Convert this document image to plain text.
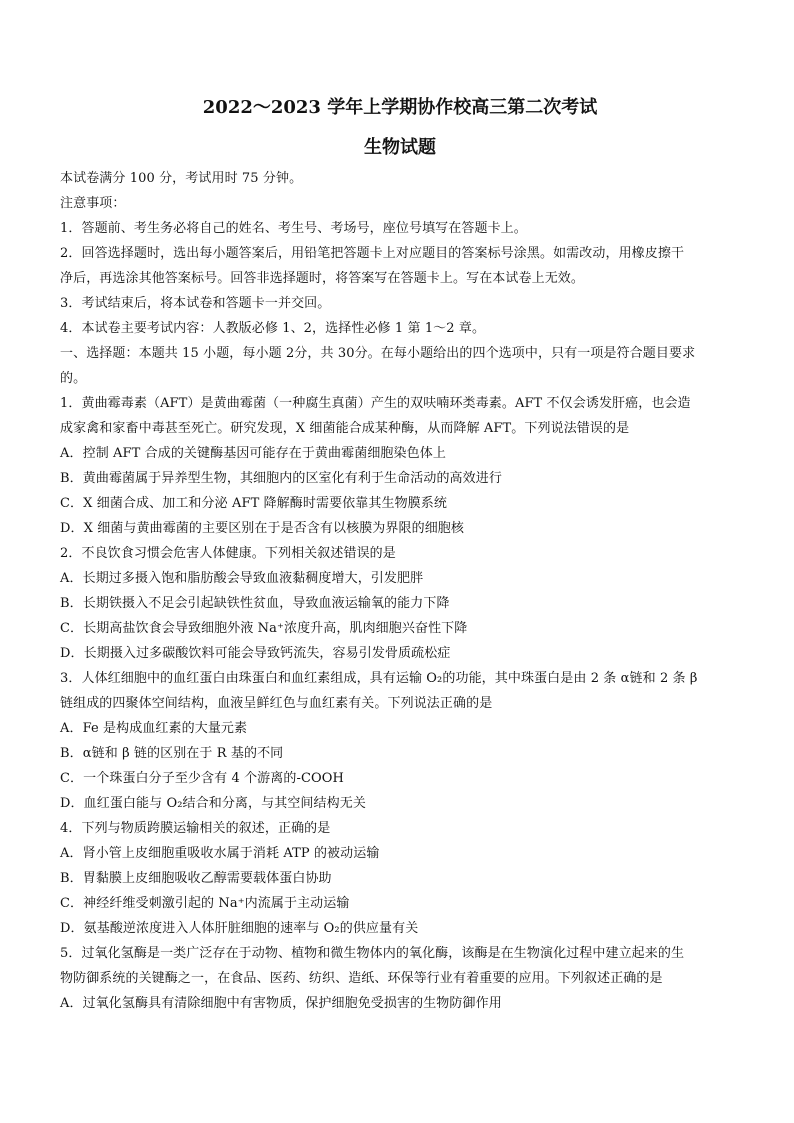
2022～2023 学年上学期协作校高三第二次考试
生物试题
本试卷满分 100 分，考试用时 75 分钟。
注意事项：
1．答题前、考生务必将自己的姓名、考生号、考场号，座位号填写在答题卡上。
2．回答选择题时，选出每小题答案后，用铅笔把答题卡上对应题目的答案标号涂黑。如需改动，用橡皮擦干
净后，再选涂其他答案标号。回答非选择题时，将答案写在答题卡上。写在本试卷上无效。
3．考试结束后，将本试卷和答题卡一并交回。
4．本试卷主要考试内容：人教版必修 1、2，选择性必修 1 第 1～2 章。
一、选择题：本题共 15 小题，每小题 2分，共 30分。在每小题给出的四个选项中，只有一项是符合题目要求
的。
1．黄曲霉毒素（AFT）是黄曲霉菌（一种腐生真菌）产生的双呋喃环类毒素。AFT 不仅会诱发肝癌，也会造
成家禽和家畜中毒甚至死亡。研究发现，X 细菌能合成某种酶，从而降解 AFT。下列说法错误的是
A．控制 AFT 合成的关键酶基因可能存在于黄曲霉菌细胞染色体上
B．黄曲霉菌属于异养型生物，其细胞内的区室化有利于生命活动的高效进行
C．X 细菌合成、加工和分泌 AFT 降解酶时需要依靠其生物膜系统
D．X 细菌与黄曲霉菌的主要区别在于是否含有以核膜为界限的细胞核
2．不良饮食习惯会危害人体健康。下列相关叙述错误的是
A．长期过多摄入饱和脂肪酸会导致血液黏稠度增大，引发肥胖
B．长期铁摄入不足会引起缺铁性贫血，导致血液运输氧的能力下降
C．长期高盐饮食会导致细胞外液 Na⁺浓度升高，肌肉细胞兴奋性下降
D．长期摄入过多碳酸饮料可能会导致钙流失，容易引发骨质疏松症
3．人体红细胞中的血红蛋白由珠蛋白和血红素组成，具有运输 O₂的功能，其中珠蛋白是由 2 条 α链和 2 条 β
链组成的四聚体空间结构，血液呈鲜红色与血红素有关。下列说法正确的是
A．Fe 是构成血红素的大量元素
B．α链和 β 链的区别在于 R 基的不同
C．一个珠蛋白分子至少含有 4 个游离的-COOH
D．血红蛋白能与 O₂结合和分离，与其空间结构无关
4．下列与物质跨膜运输相关的叙述，正确的是
A．肾小管上皮细胞重吸收水属于消耗 ATP 的被动运输
B．胃黏膜上皮细胞吸收乙醇需要载体蛋白协助
C．神经纤维受刺激引起的 Na⁺内流属于主动运输
D．氨基酸逆浓度进入人体肝脏细胞的速率与 O₂的供应量有关
5．过氧化氢酶是一类广泛存在于动物、植物和微生物体内的氧化酶，该酶是在生物演化过程中建立起来的生
物防御系统的关键酶之一，在食品、医药、纺织、造纸、环保等行业有着重要的应用。下列叙述正确的是
A．过氧化氢酶具有清除细胞中有害物质，保护细胞免受损害的生物防御作用
